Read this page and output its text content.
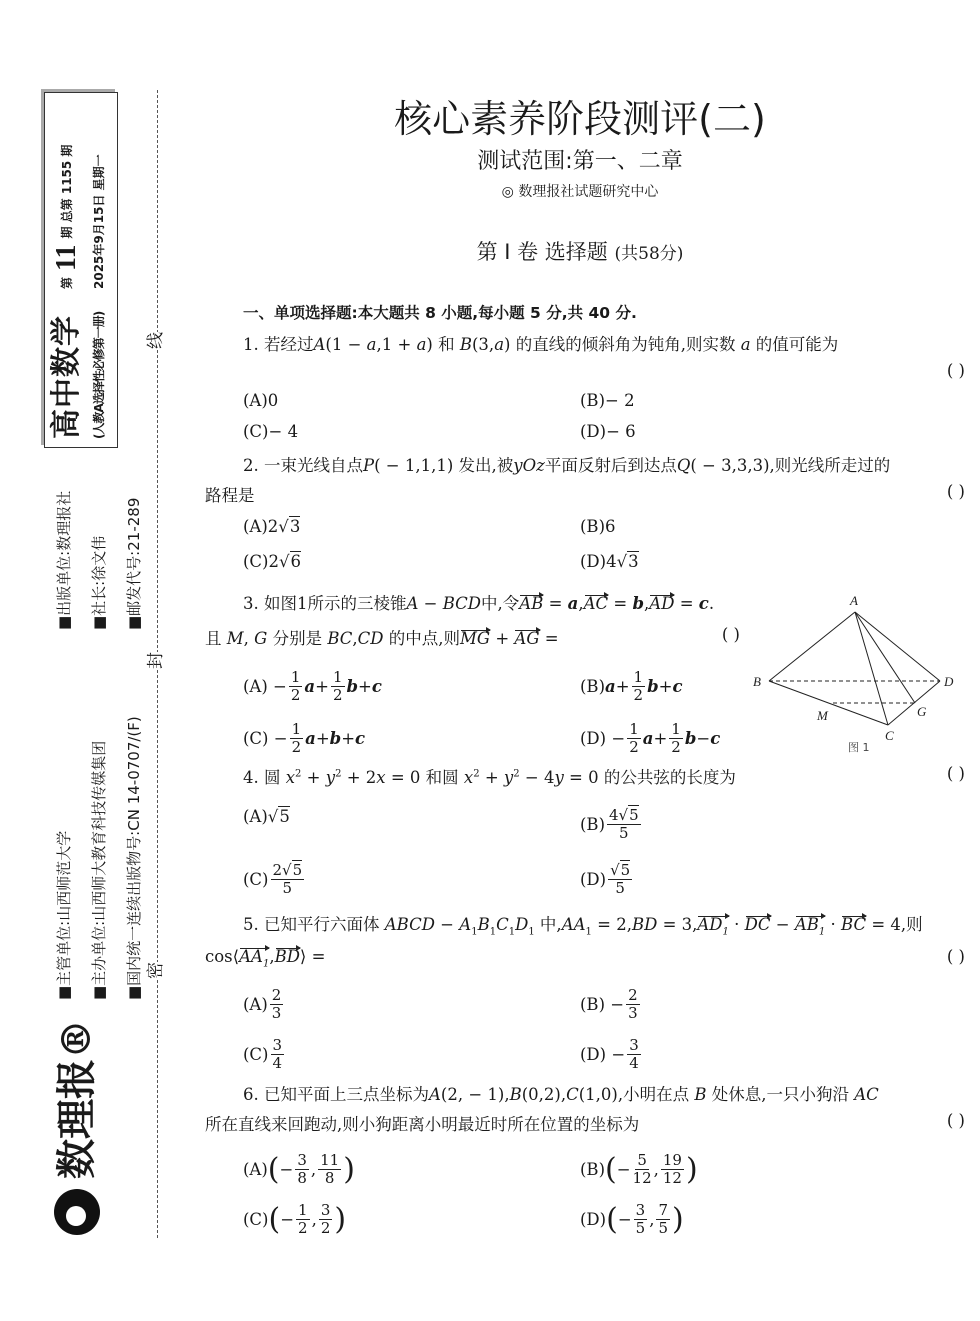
高中数学
第
11
期 总第 1155 期
(人教A选择性必修第一册)
2025年9月15日 星期一
■主管单位:山西师范大学
■出版单位:数理报社
■主办单位:山西师大教育科技传媒集团
■社长:徐文伟
■国内统一连续出版物号:CN 14-0707/(F)
■邮发代号:21-289
数理报®
线
封
密
核心素养阶段测评(二)
测试范围:第一、二章
◎ 数理报社试题研究中心
第 Ⅰ 卷 选择题 (共58分)
一、单项选择题:本大题共 8 小题,每小题 5 分,共 40 分.
1. 若经过A(1 − a,1 + a) 和 B(3,a) 的直线的倾斜角为钝角,则实数 a 的值可能为
( )
(A) 0	(B) − 2
(C) − 4	(D) − 6
2. 一束光线自点P( − 1,1,1) 发出,被yOz平面反射后到达点Q( − 3,3,3),则光线所走过的
路程是	( )
(A) 2 √3	(B) 6
(C) 2 √6	(D) 4 √3
3. 如图1所示的三棱锥A − BCD中,令AB = a,AC = b,AD = c.
且 M, G 分别是 BC,CD 的中点,则MG + AG =	( )
$(A) - \frac{1}{2}$ $a + \frac{1}{2}$ b + c	(B) $a + \frac{1}{2}$ b + c
$(C) - \frac{1}{2}$ a + b + c	$(D) - \frac{1}{2}$ $a + \frac{1}{2}$ b − c
4. 圆 $x^2 + y^2 + 2x = 0$ 和圆 $x^2 + y^2 - 4y = 0$ 的公共弦的长度为	( )
(A) √5	$(B) \frac{4√5}{5}$
$(C) \frac{2√5}{5}$	$(D) \frac{√5}{5}$
5. 已知平行六面体 ABCD − $A_1B_1C_1D_1$ 中$,AA_1 = 2,BD = 3,AD_1$ · DC − $AB_1$ · BC = 4,则
$\cos⟨AA_1,BD⟩$ =	( )
$(A) \frac{2}{3}$	$(B) - \frac{2}{3}$
$(C) \frac{3}{4}$	$(D) - \frac{3}{4}$
6. 已知平面上三点坐标为A(2, − 1),B(0,2),C(1,0),小明在点 B 处休息,一只小狗沿 AC
所在直线来回跑动,则小狗距离小明最近时所在位置的坐标为	( )
(A) ( − $\frac{3}{8}$ , $\frac{11}{8}$ )	(B) ( − $\frac{5}{12}$ , $\frac{19}{12}$ )
(C) ( − $\frac{1}{2}$ , $\frac{3}{2}$ )	(D) ( − $\frac{3}{5}$ , $\frac{7}{5}$ )
A
B
C
D
M	G
图 1
